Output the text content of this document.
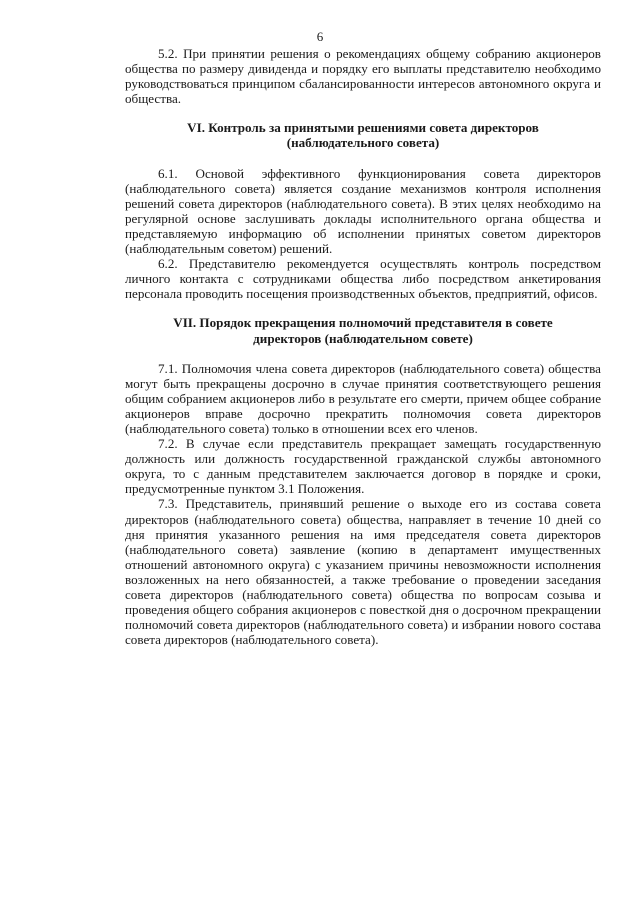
6

5.2. При принятии решения о рекомендациях общему собранию акционеров общества по размеру дивиденда и порядку его выплаты представителю необходимо руководствоваться принципом сбалансированности интересов автономного округа и общества.

VI. Контроль за принятыми решениями совета директоров
(наблюдательного совета)

6.1. Основой эффективного функционирования совета директоров (наблюдательного совета) является создание механизмов контроля исполнения решений совета директоров (наблюдательного совета). В этих целях необходимо на регулярной основе заслушивать доклады исполнительного органа общества и представляемую информацию об исполнении принятых советом директоров (наблюдательным советом) решений.

6.2. Представителю рекомендуется осуществлять контроль посредством личного контакта с сотрудниками общества либо посредством анкетирования персонала проводить посещения производственных объектов, предприятий, офисов.

VII. Порядок прекращения полномочий представителя в совете
директоров (наблюдательном совете)

7.1. Полномочия члена совета директоров (наблюдательного совета) общества могут быть прекращены досрочно в случае принятия соответствующего решения общим собранием акционеров либо в результате его смерти, причем общее собрание акционеров вправе досрочно прекратить полномочия совета директоров (наблюдательного совета) только в отношении всех его членов.

7.2. В случае если представитель прекращает замещать государственную должность или должность государственной гражданской службы автономного округа, то с данным представителем заключается договор в порядке и сроки, предусмотренные пунктом 3.1 Положения.

7.3. Представитель, принявший решение о выходе его из состава совета директоров (наблюдательного совета) общества, направляет в течение 10 дней со дня принятия указанного решения на имя председателя совета директоров (наблюдательного совета) заявление (копию в департамент имущественных отношений автономного округа) с указанием причины невозможности исполнения возложенных на него обязанностей, а также требование о проведении заседания совета директоров (наблюдательного совета) общества по вопросам созыва и проведения общего собрания акционеров с повесткой дня о досрочном прекращении полномочий совета директоров (наблюдательного совета) и избрании нового состава совета директоров (наблюдательного совета).
